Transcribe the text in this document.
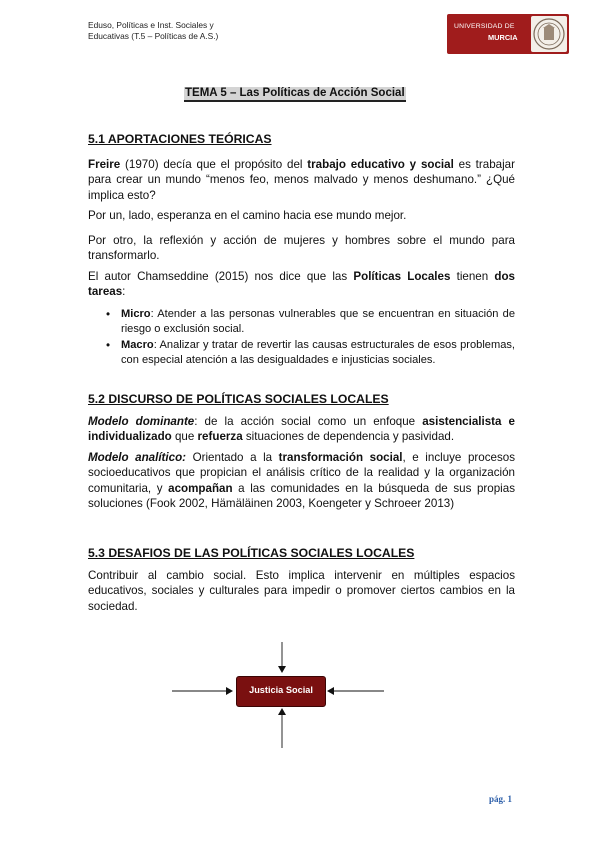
Eduso, Políticas e Inst. Sociales y
Educativas (T.5 – Políticas de A.S.)
UNIVERSIDAD DE
MURCIA
TEMA 5 – Las Políticas de Acción Social
5.1 APORTACIONES TEÓRICAS

Freire (1970) decía que el propósito del trabajo educativo y social es trabajar para crear un mundo “menos feo, menos malvado y menos deshumano.” ¿Qué implica esto?

Por un, lado, esperanza en el camino hacia ese mundo mejor.

Por otro, la reflexión y acción de mujeres y hombres sobre el mundo para transformarlo.

El autor Chamseddine (2015) nos dice que las Políticas Locales tienen dos tareas:

• Micro: Atender a las personas vulnerables que se encuentran en situación de riesgo o exclusión social.

• Macro: Analizar y tratar de revertir las causas estructurales de esos problemas, con especial atención a las desigualdades e injusticias sociales.

5.2 DISCURSO DE POLÍTICAS SOCIALES LOCALES

Modelo dominante: de la acción social como un enfoque asistencialista e individualizado que refuerza situaciones de dependencia y pasividad.

Modelo analítico: Orientado a la transformación social, e incluye procesos socioeducativos que propician el análisis crítico de la realidad y la organización comunitaria, y acompañan a las comunidades en la búsqueda de sus propias soluciones (Fook 2002, Hämäläinen 2003, Koengeter y Schroeer 2013)

5.3 DESAFIOS DE LAS POLÍTICAS SOCIALES LOCALES

Contribuir al cambio social. Esto implica intervenir en múltiples espacios educativos, sociales y culturales para impedir o promover ciertos cambios en la sociedad.

Justicia Social
pág. 1
